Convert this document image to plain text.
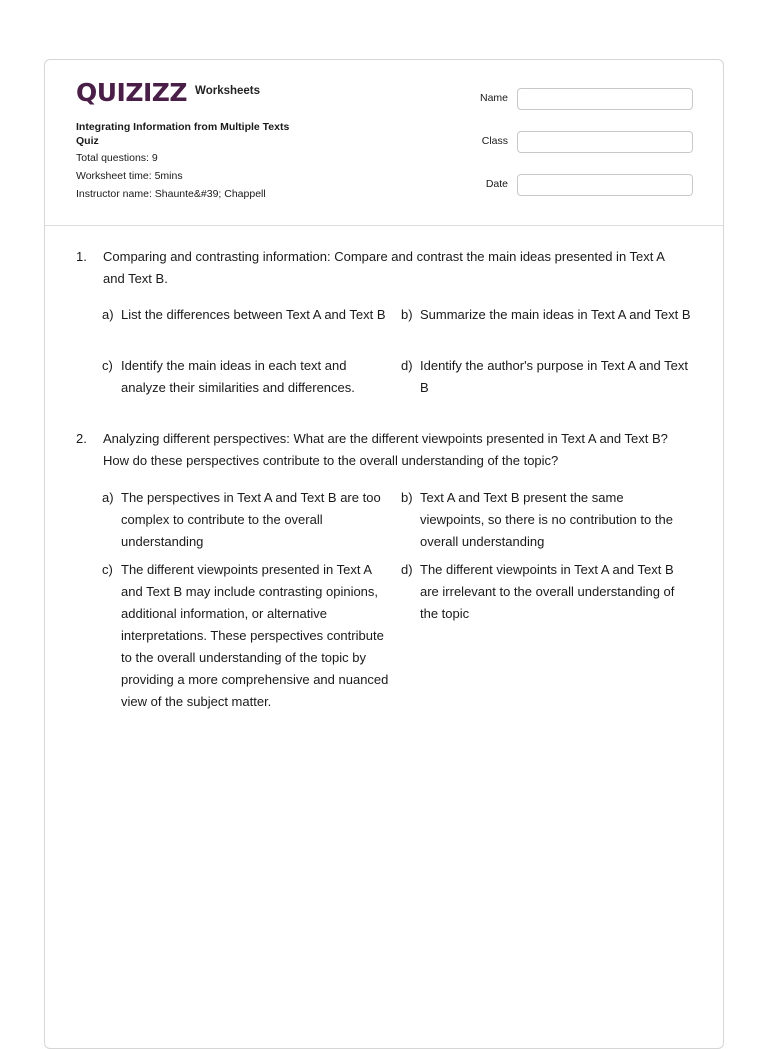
QUIZIZZ Worksheets
Integrating Information from Multiple Texts
Quiz
Total questions: 9
Worksheet time: 5mins
Instructor name: Shaunte&#39; Chappell
Name
Class
Date
1. Comparing and contrasting information: Compare and contrast the main ideas presented in Text A and Text B.
a) List the differences between Text A and Text B	b) Summarize the main ideas in Text A and Text B
c) Identify the main ideas in each text and analyze their similarities and differences.
d) Identify the author's purpose in Text A and Text B
2. Analyzing different perspectives: What are the different viewpoints presented in Text A and Text B? How do these perspectives contribute to the overall understanding of the topic?
a) The perspectives in Text A and Text B are too complex to contribute to the overall understanding
b) Text A and Text B present the same viewpoints, so there is no contribution to the overall understanding
c) The different viewpoints presented in Text A and Text B may include contrasting opinions, additional information, or alternative interpretations. These perspectives contribute to the overall understanding of the topic by providing a more comprehensive and nuanced view of the subject matter.
d) The different viewpoints in Text A and Text B are irrelevant to the overall understanding of the topic
